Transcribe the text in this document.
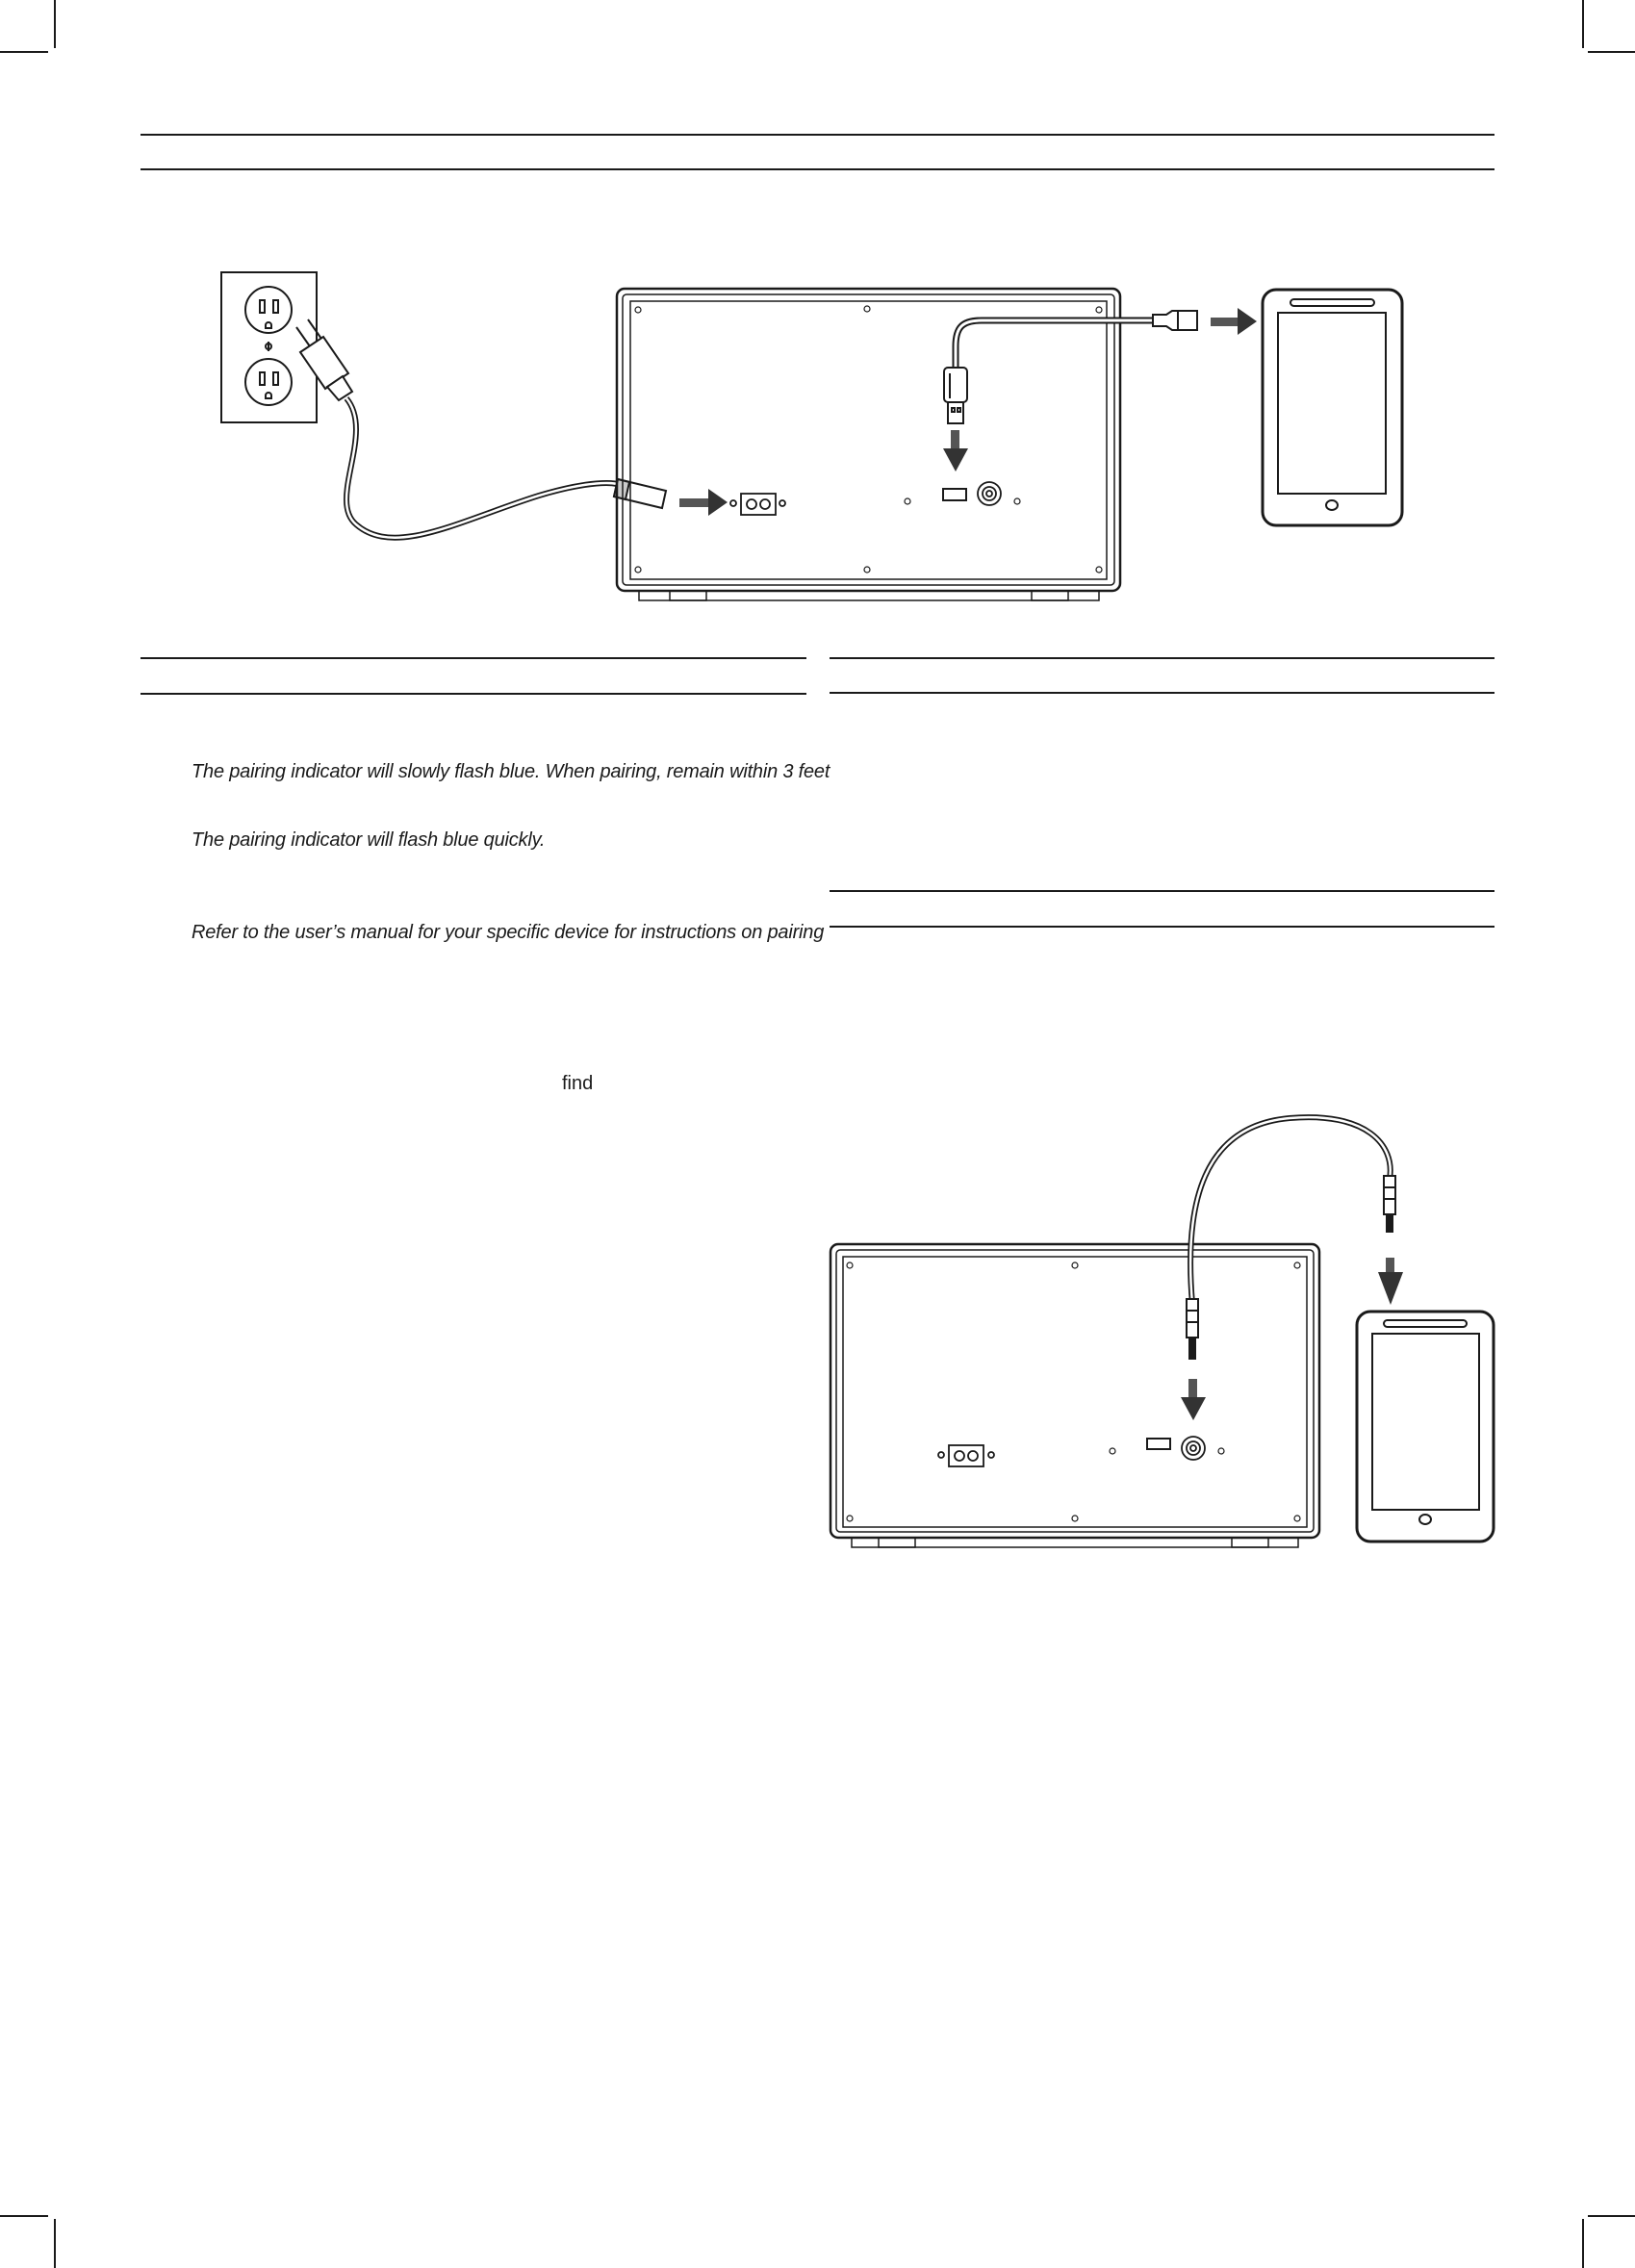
The pairing indicator will slowly flash blue. When pairing, remain within 3 feet
The pairing indicator will flash blue quickly.
Refer to the user’s manual for your specific device for instructions on pairing
find
